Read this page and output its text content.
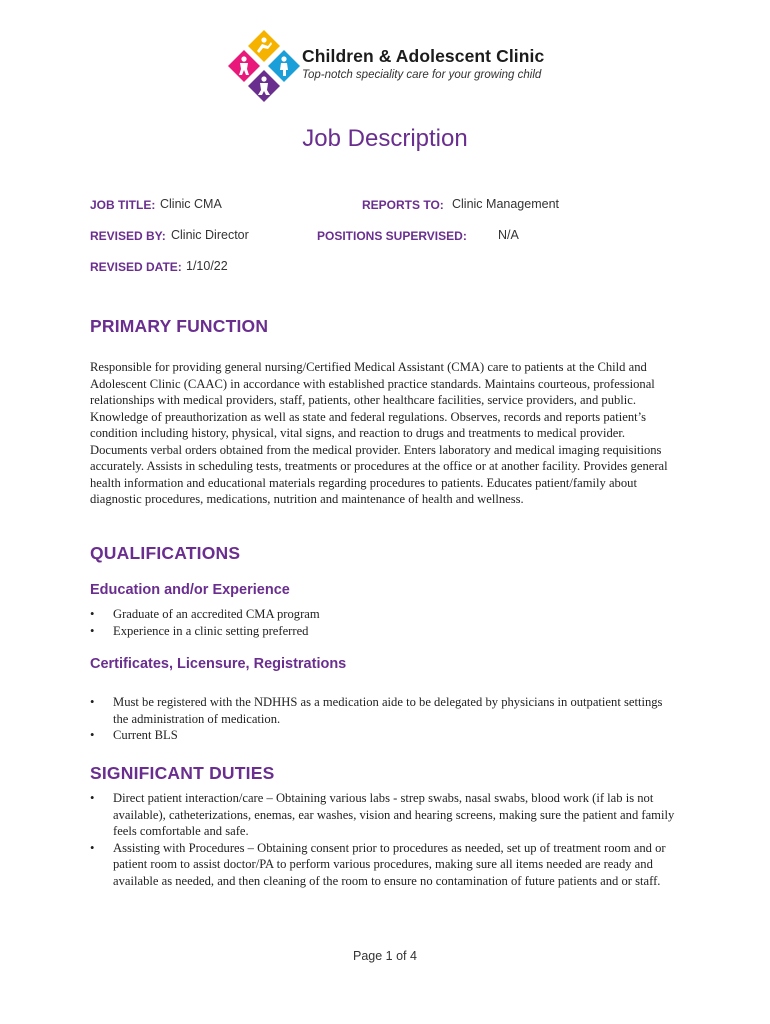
Children & Adolescent Clinic
Top-notch speciality care for your growing child
Job Description
JOB TITLE: Clinic CMA	REPORTS TO: Clinic Management
REVISED BY: Clinic Director	POSITIONS SUPERVISED: N/A
REVISED DATE: 1/10/22
PRIMARY FUNCTION
Responsible for providing general nursing/Certified Medical Assistant (CMA) care to patients at the Child and Adolescent Clinic (CAAC) in accordance with established practice standards. Maintains courteous, professional relationships with medical providers, staff, patients, other healthcare facilities, service providers, and public. Knowledge of preauthorization as well as state and federal regulations. Observes, records and reports patient’s condition including history, physical, vital signs, and reaction to drugs and treatments to medical provider. Documents verbal orders obtained from the medical provider. Enters laboratory and medical imaging requisitions accurately. Assists in scheduling tests, treatments or procedures at the office or at another facility. Provides general health information and educational materials regarding procedures to patients. Educates patient/family about diagnostic procedures, medications, nutrition and maintenance of health and wellness.
QUALIFICATIONS
Education and/or Experience
• Graduate of an accredited CMA program
• Experience in a clinic setting preferred
Certificates, Licensure, Registrations
• Must be registered with the NDHHS as a medication aide to be delegated by physicians in outpatient settings the administration of medication.
• Current BLS
SIGNIFICANT DUTIES
• Direct patient interaction/care – Obtaining various labs - strep swabs, nasal swabs, blood work (if lab is not available), catheterizations, enemas, ear washes, vision and hearing screens, making sure the patient and family feels comfortable and safe.
• Assisting with Procedures – Obtaining consent prior to procedures as needed, set up of treatment room and or patient room to assist doctor/PA to perform various procedures, making sure all items needed are ready and available as needed, and then cleaning of the room to ensure no contamination of future patients and or staff.
Page 1 of 4
